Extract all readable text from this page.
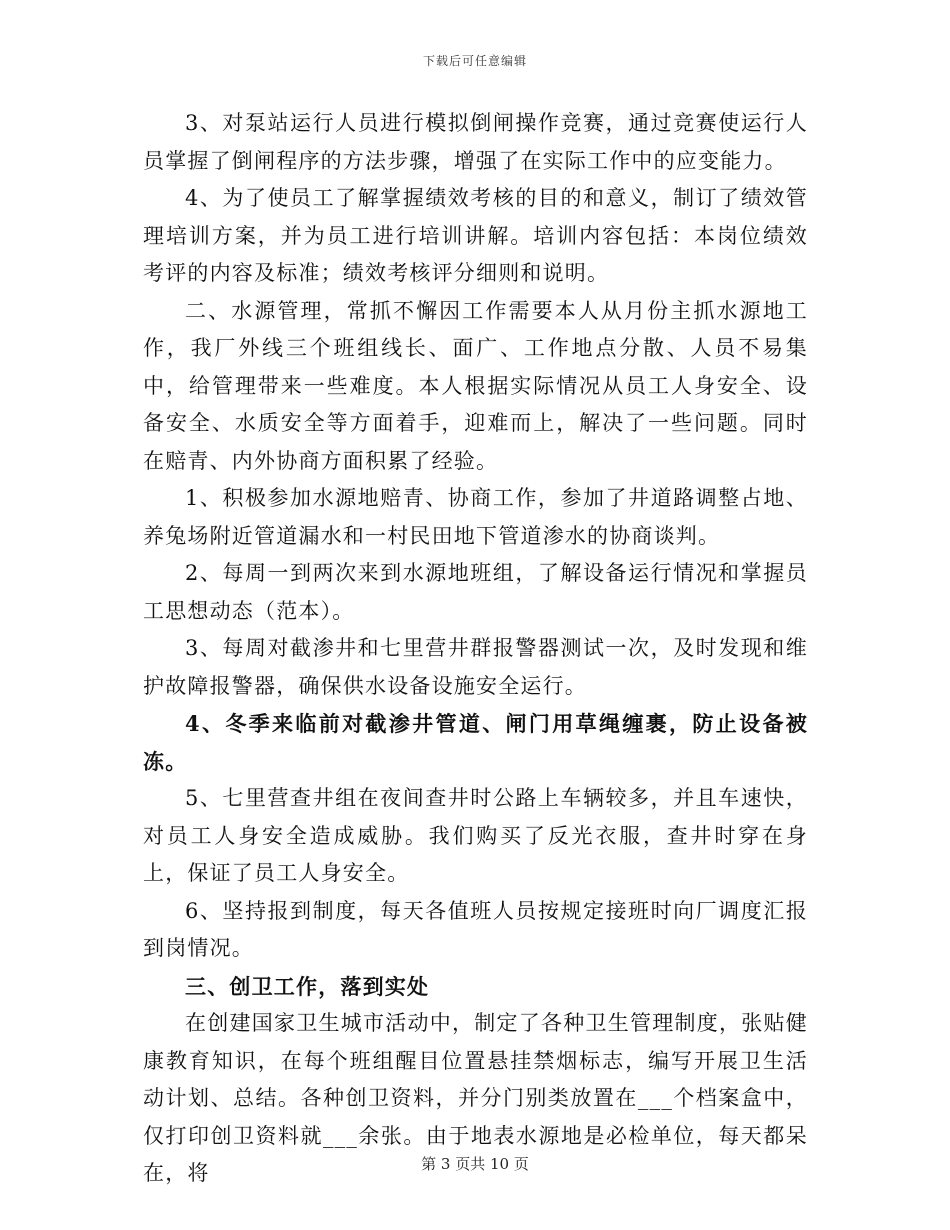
下载后可任意编辑

3、对泵站运行人员进行模拟倒闸操作竞赛，通过竞赛使运行人员掌握了倒闸程序的方法步骤，增强了在实际工作中的应变能力。

4、为了使员工了解掌握绩效考核的目的和意义，制订了绩效管理培训方案，并为员工进行培训讲解。培训内容包括：本岗位绩效考评的内容及标准；绩效考核评分细则和说明。

二、水源管理，常抓不懈因工作需要本人从月份主抓水源地工作，我厂外线三个班组线长、面广、工作地点分散、人员不易集中，给管理带来一些难度。本人根据实际情况从员工人身安全、设备安全、水质安全等方面着手，迎难而上，解决了一些问题。同时在赔青、内外协商方面积累了经验。

1、积极参加水源地赔青、协商工作，参加了井道路调整占地、养兔场附近管道漏水和一村民田地下管道渗水的协商谈判。

2、每周一到两次来到水源地班组，了解设备运行情况和掌握员工思想动态（范本）。

3、每周对截渗井和七里营井群报警器测试一次，及时发现和维护故障报警器，确保供水设备设施安全运行。

4、冬季来临前对截渗井管道、闸门用草绳缠裹，防止设备被冻。

5、七里营查井组在夜间查井时公路上车辆较多，并且车速快，对员工人身安全造成威胁。我们购买了反光衣服，查井时穿在身上，保证了员工人身安全。

6、坚持报到制度，每天各值班人员按规定接班时向厂调度汇报到岗情况。

三、创卫工作，落到实处

在创建国家卫生城市活动中，制定了各种卫生管理制度，张贴健康教育知识，在每个班组醒目位置悬挂禁烟标志，编写开展卫生活动计划、总结。各种创卫资料，并分门别类放置在___个档案盒中，仅打印创卫资料就___余张。由于地表水源地是必检单位，每天都呆在，将	第 3 页共 10 页
